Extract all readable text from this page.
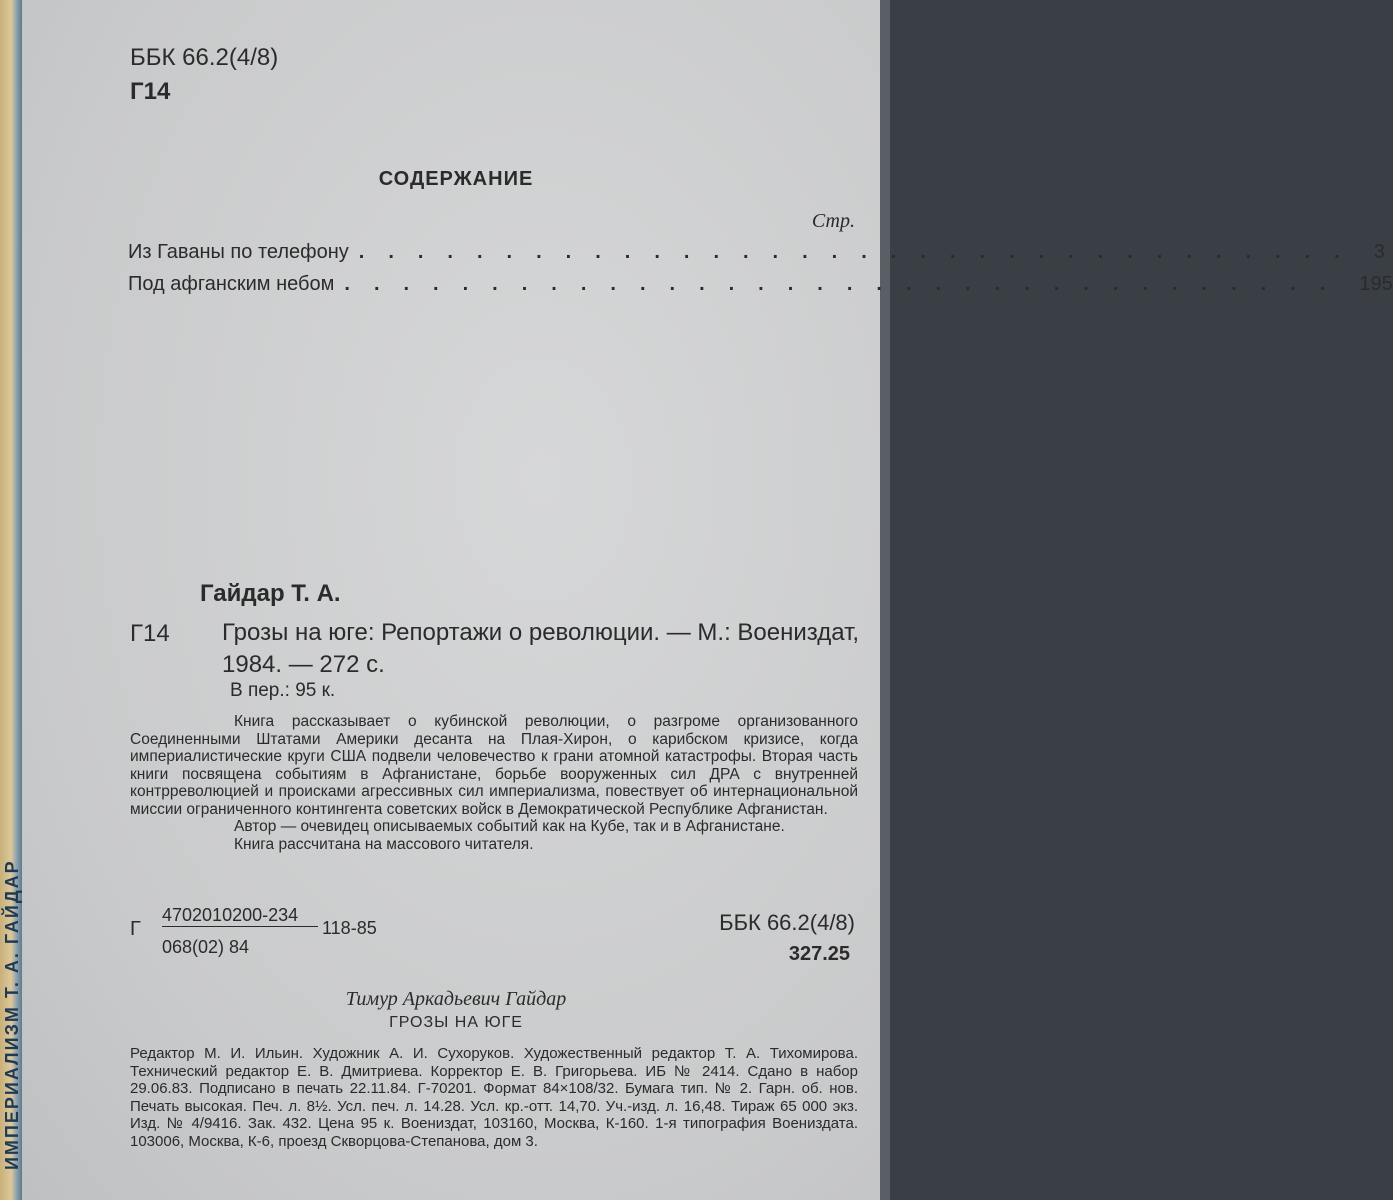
ИМПЕРИАЛИЗМ Т. А. ГАЙДАР
ББК 66.2(4/8)
Г14
СОДЕРЖАНИЕ
Стр.
Из Гаваны по телефону .................................. 3
Под афганским небом .................................. 195
Гайдар Т. А.
Г14 Грозы на юге: Репортажи о революции. — М.: Воениздат, 1984. — 272 с.
В пер.: 95 к.

Книга рассказывает о кубинской революции, о разгроме организованного Соединенными Штатами Америки десанта на Плая-Хирон, о карибском кризисе, когда империалистические круги США подвели человечество к грани атомной катастрофы. Вторая часть книги посвящена событиям в Афганистане, борьбе вооруженных сил ДРА с внутренней контрреволюцией и происками агрессивных сил империализма, повествует об интернациональной миссии ограниченного контингента советских войск в Демократической Республике Афганистан.

Автор — очевидец описываемых событий как на Кубе, так и в Афганистане.

Книга рассчитана на массового читателя.

Г
4702010200-234
118-85
068(02) 84
ББК 66.2(4/8)
327.25
Тимур Аркадьевич Гайдар
ГРОЗЫ НА ЮГЕ
Редактор М. И. Ильин. Художник А. И. Сухоруков. Художественный редактор Т. А. Тихомирова. Технический редактор Е. В. Дмитриева. Корректор Е. В. Григорьева. ИБ № 2414. Сдано в набор 29.06.83. Подписано в печать 22.11.84. Г-70201. Формат 84×108/32. Бумага тип. № 2. Гарн. об. нов. Печать высокая. Печ. л. 8½. Усл. печ. л. 14.28. Усл. кр.-отт. 14,70. Уч.-изд. л. 16,48. Тираж 65 000 экз. Изд. № 4/9416. Зак. 432. Цена 95 к. Воениздат, 103160, Москва, К-160. 1-я типография Воениздата. 103006, Москва, К-6, проезд Скворцова-Степанова, дом 3.
